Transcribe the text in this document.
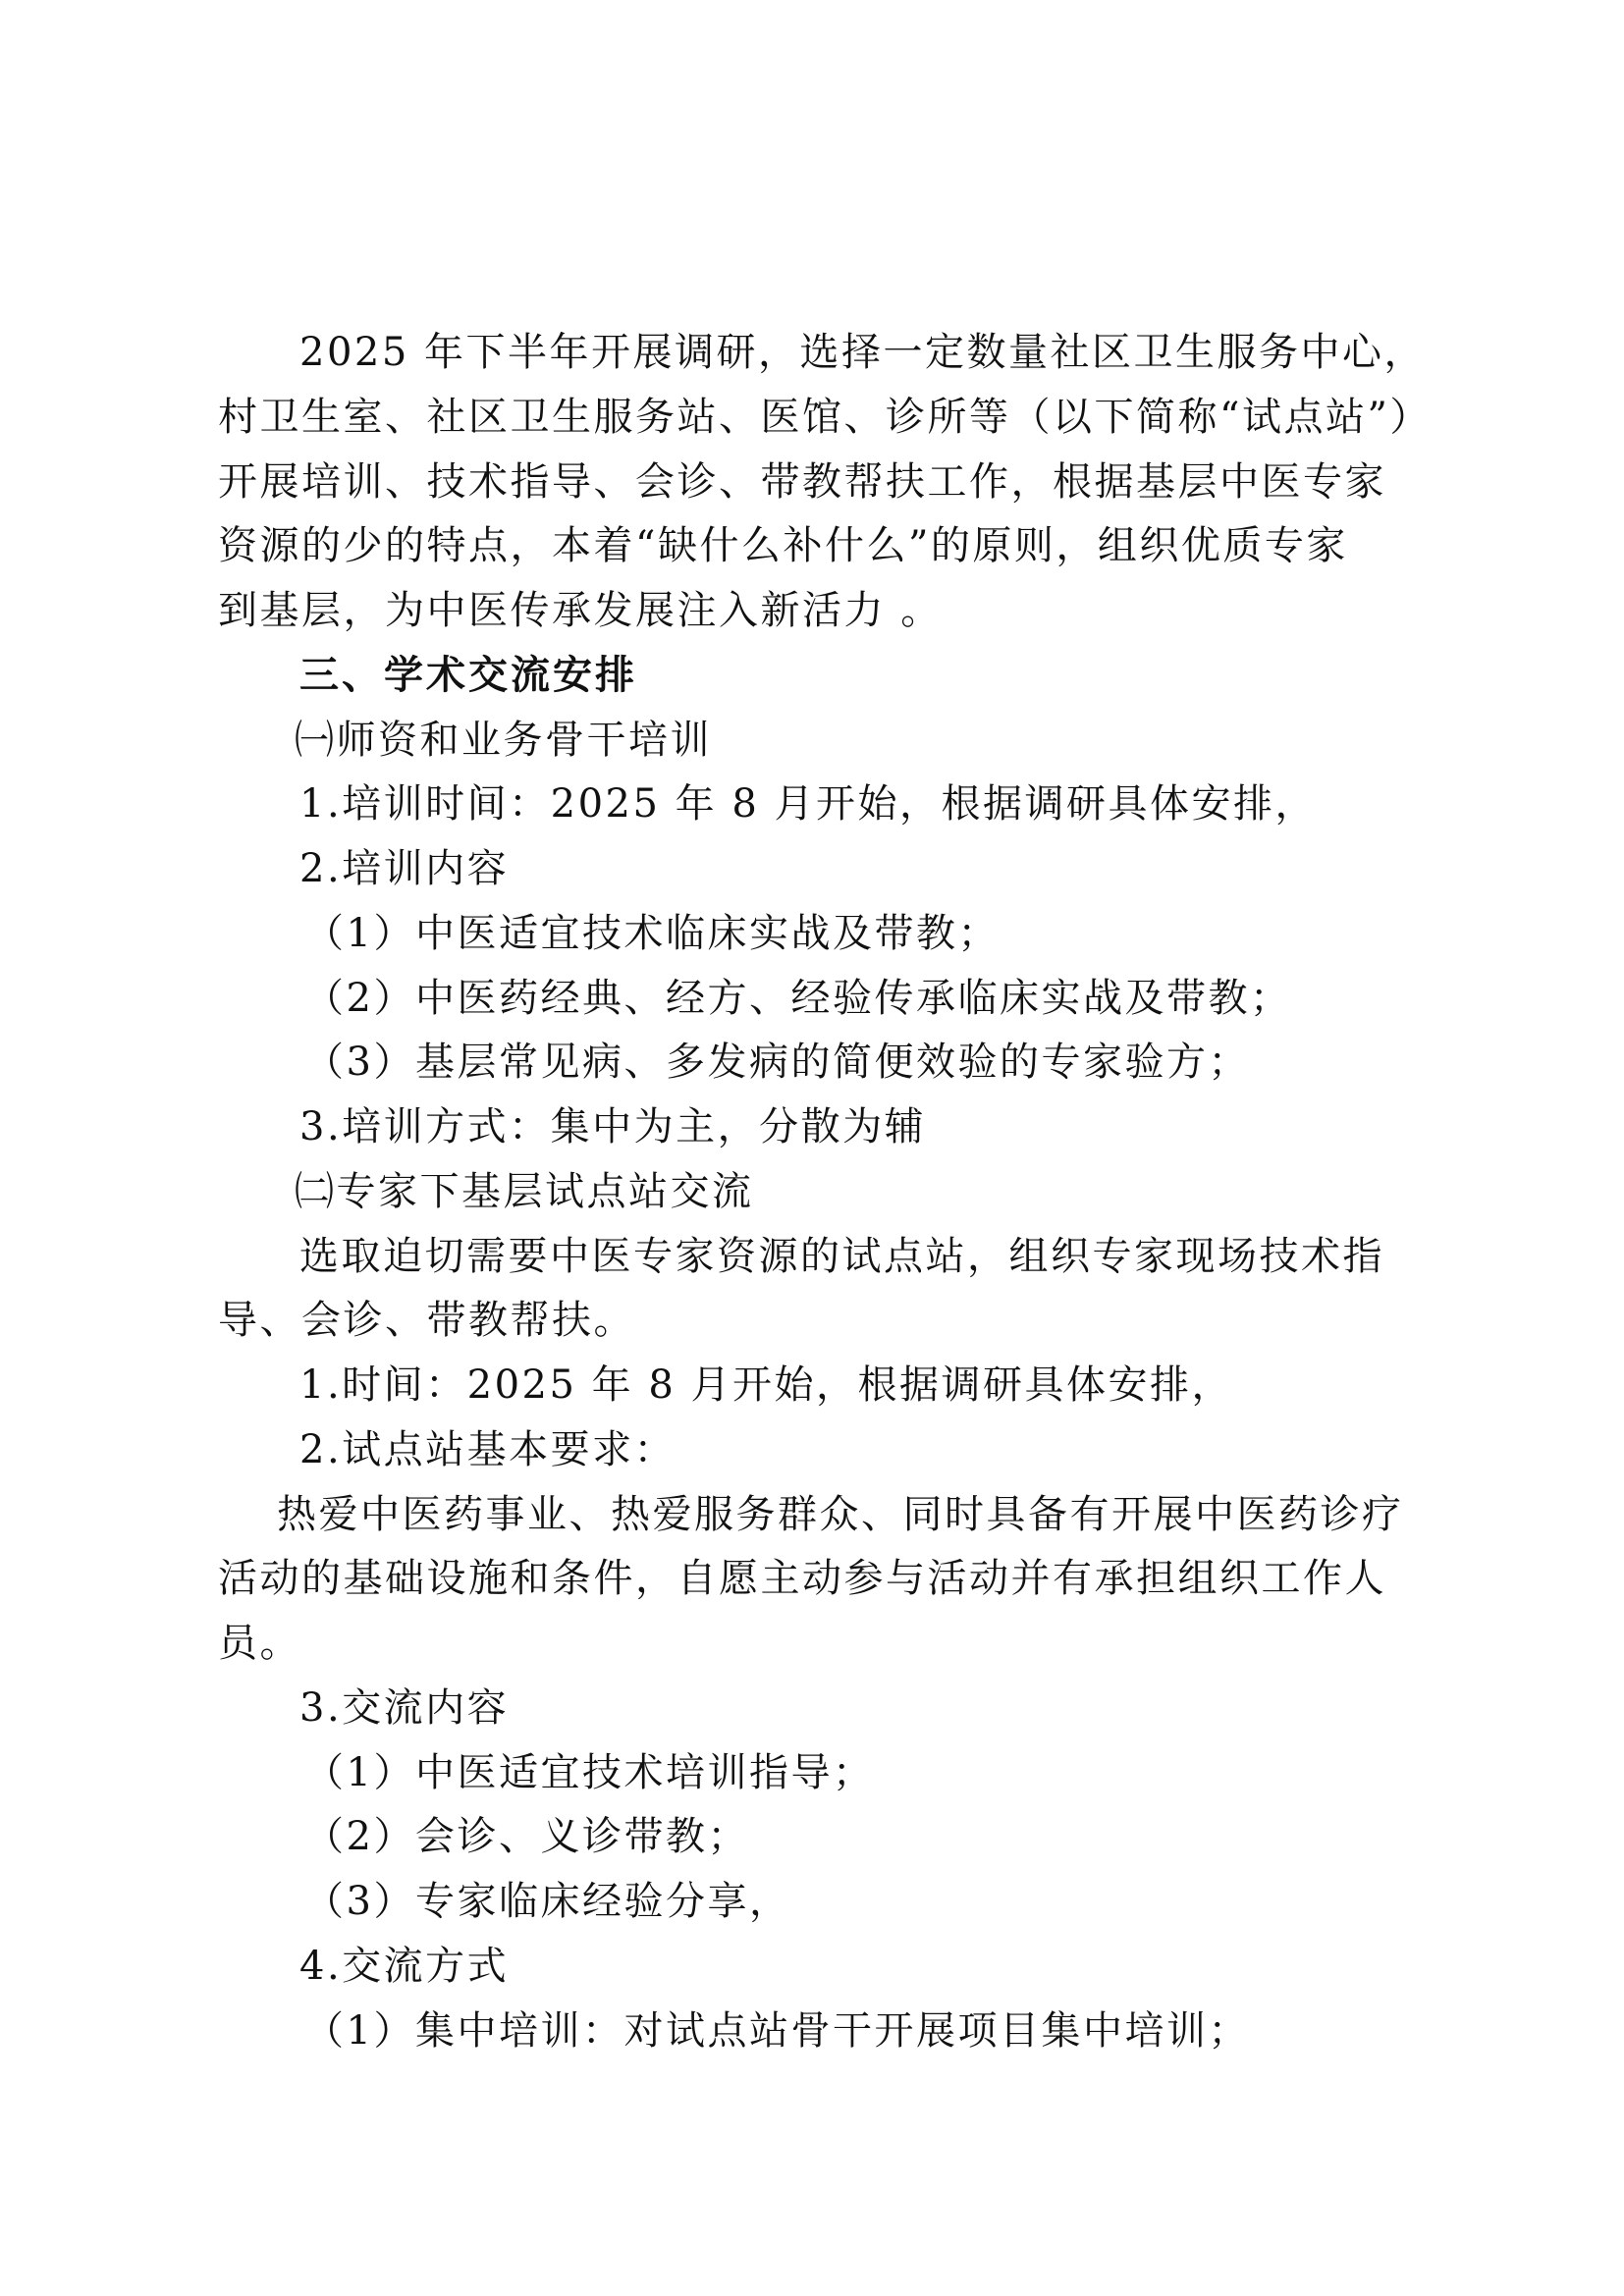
2025 年下半年开展调研，选择一定数量社区卫生服务中心，
村卫生室、社区卫生服务站、医馆、诊所等（以下简称“试点站”）
开展培训、技术指导、会诊、带教帮扶工作，根据基层中医专家
资源的少的特点，本着“缺什么补什么”的原则，组织优质专家
到基层，为中医传承发展注入新活力 。
三、学术交流安排
㈠师资和业务骨干培训
1.培训时间：2025 年 8 月开始，根据调研具体安排，
2.培训内容
（1）中医适宜技术临床实战及带教；
（2）中医药经典、经方、经验传承临床实战及带教；
（3）基层常见病、多发病的简便效验的专家验方；
3.培训方式：集中为主，分散为辅
㈡专家下基层试点站交流
选取迫切需要中医专家资源的试点站，组织专家现场技术指
导、会诊、带教帮扶。
1.时间：2025 年 8 月开始，根据调研具体安排，
2.试点站基本要求：
热爱中医药事业、热爱服务群众、同时具备有开展中医药诊疗
活动的基础设施和条件，自愿主动参与活动并有承担组织工作人
员。
3.交流内容
（1）中医适宜技术培训指导；
（2）会诊、义诊带教；
（3）专家临床经验分享，
4.交流方式
（1）集中培训：对试点站骨干开展项目集中培训；
